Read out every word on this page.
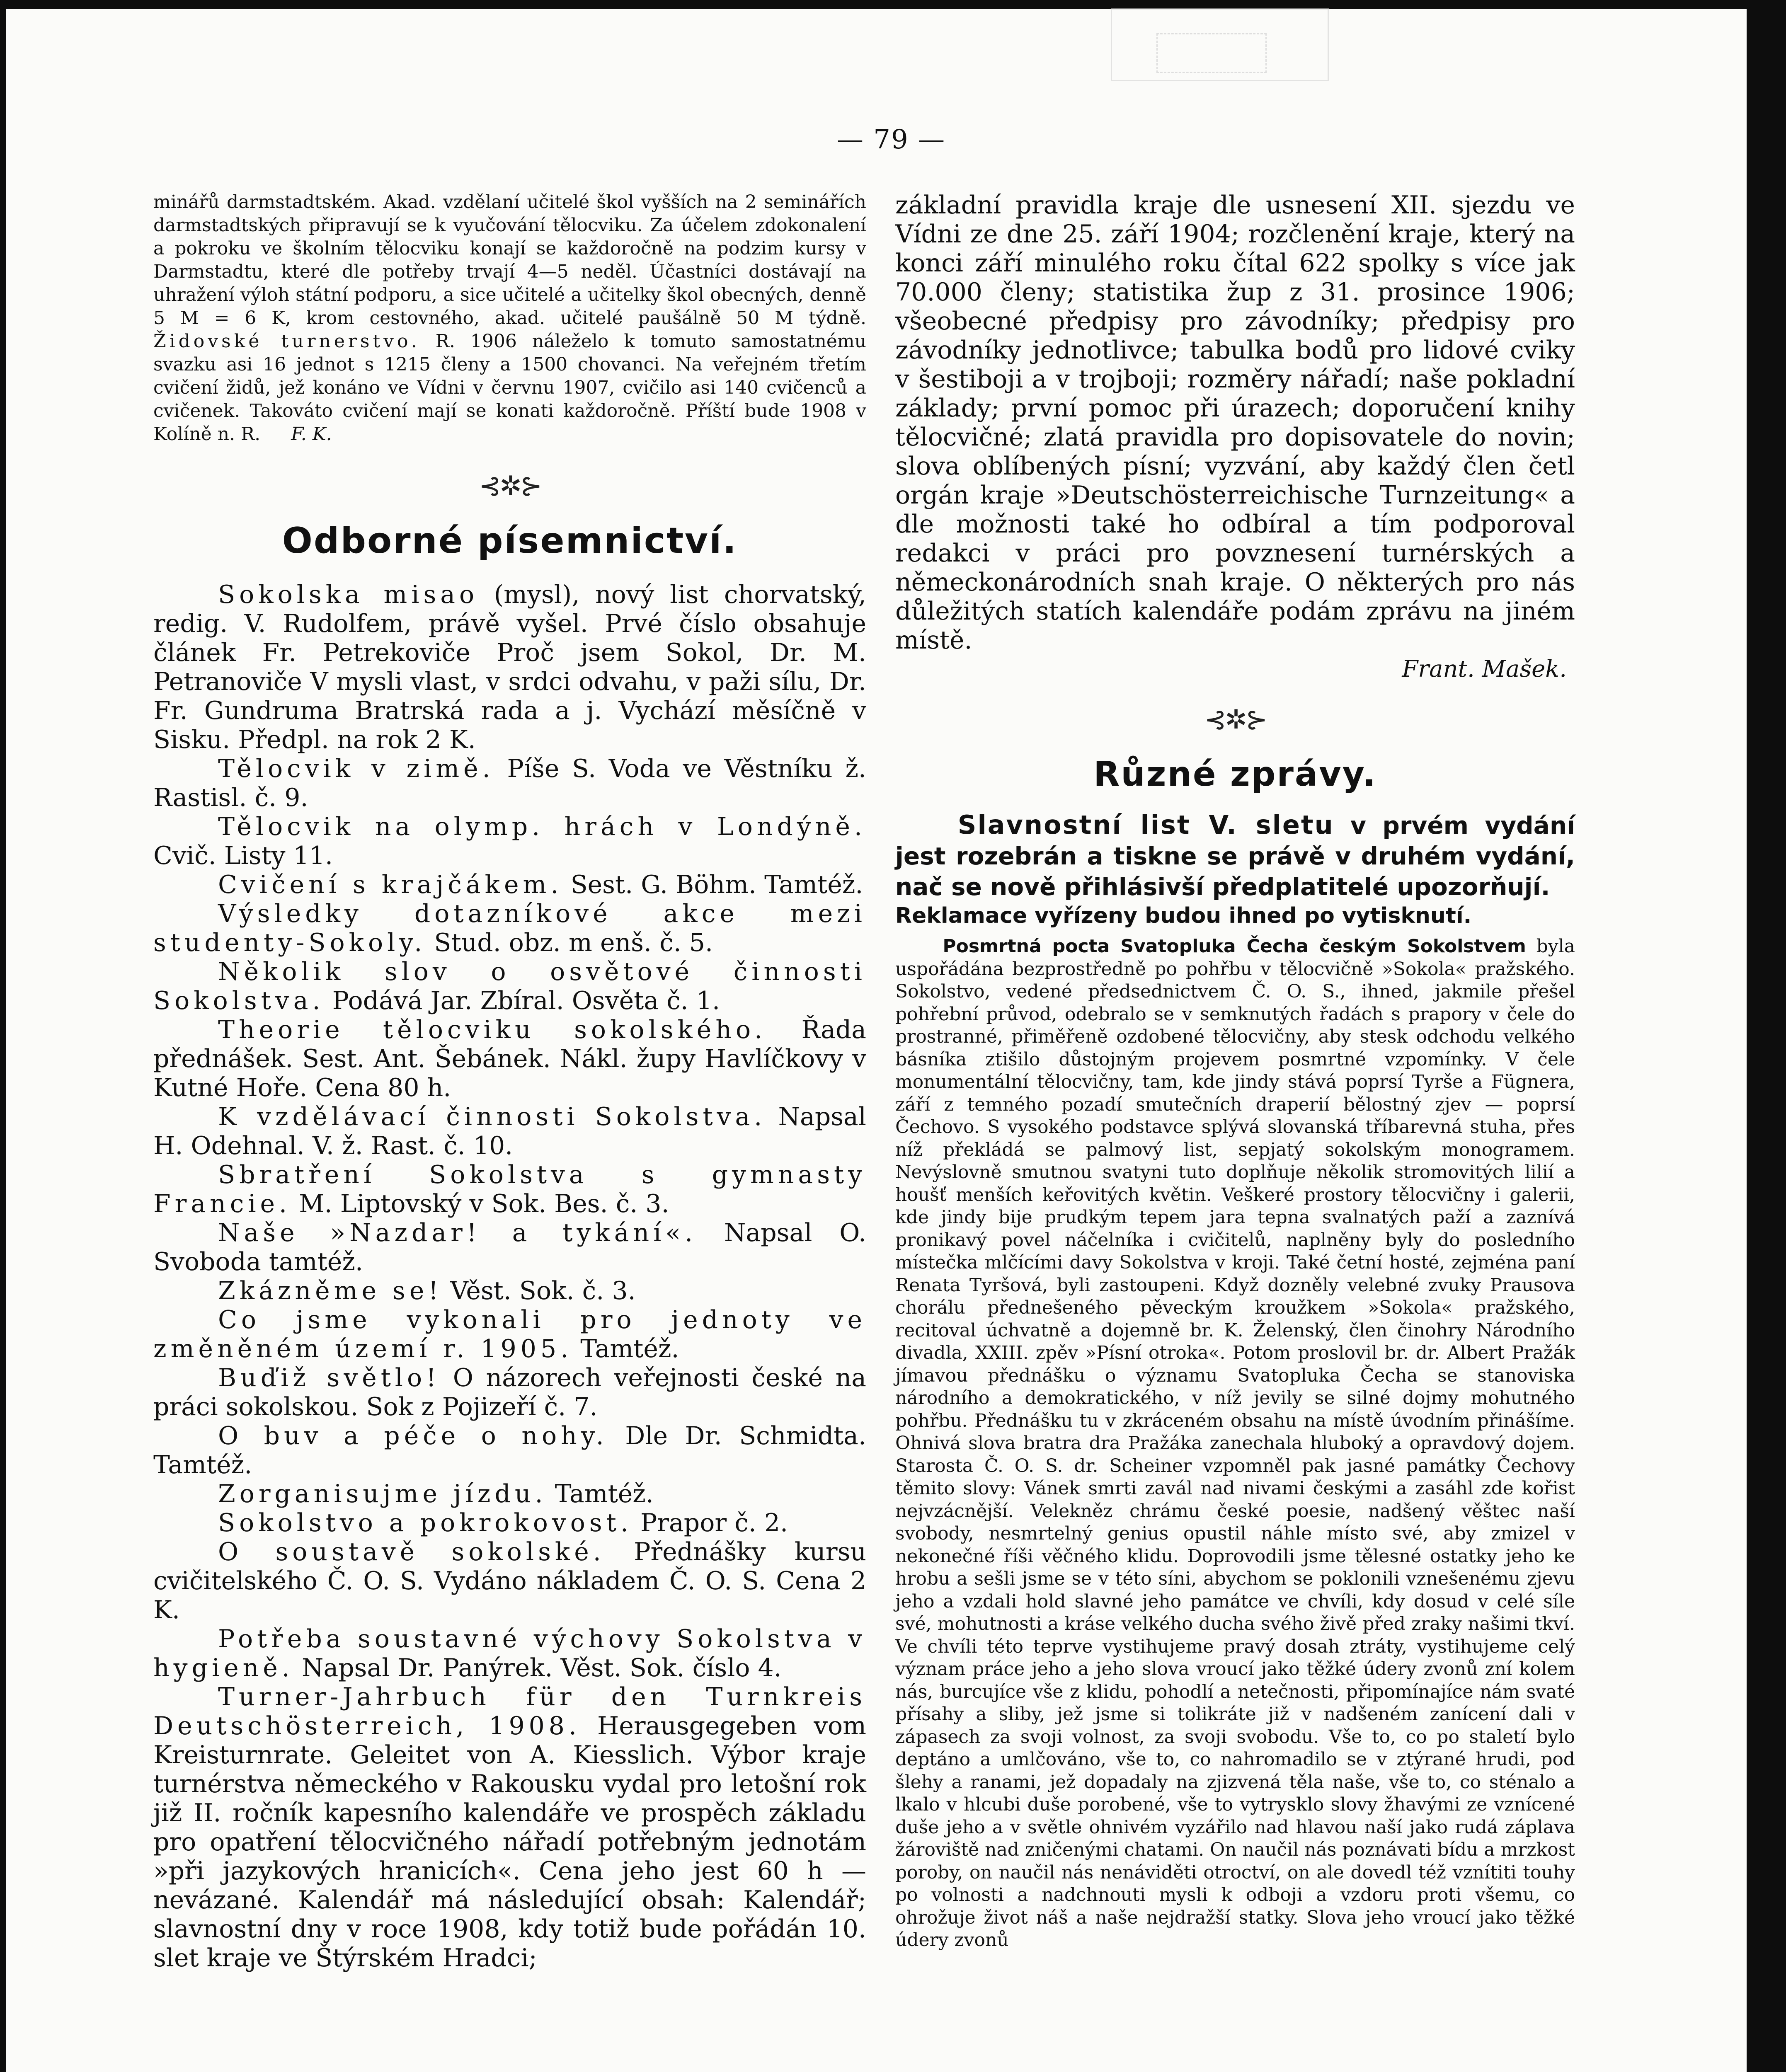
— 79 —

minářů darmstadtském. Akad. vzdělaní učitelé škol vyšších na 2 seminářích darmstadtských připravují se k vyučování tělocviku. Za účelem zdokonalení a pokroku ve školním tělocviku konají se každoročně na podzim kursy v Darmstadtu, které dle potřeby trvají 4—5 neděl. Účastníci dostávají na uhražení výloh státní podporu, a sice učitelé a učitelky škol obecných, denně 5 M = 6 K, krom cestovného, akad. učitelé paušálně 50 M týdně. Židovské turnerstvo. R. 1906 náleželo k tomuto samostatnému svazku asi 16 jednot s 1215 členy a 1500 chovanci. Na veřejném třetím cvičení židů, jež konáno ve Vídni v červnu 1907, cvičilo asi 140 cvičenců a cvičenek. Takováto cvičení mají se konati každoročně. Příští bude 1908 v Kolíně n. R. F. K.

⊰✲⊱
Odborné písemnictví.

Sokolska misao (mysl), nový list chorvatský, redig. V. Rudolfem, právě vyšel. Prvé číslo obsahuje článek Fr. Petrekoviče Proč jsem Sokol, Dr. M. Petranoviče V mysli vlast, v srdci odvahu, v paži sílu, Dr. Fr. Gundruma Bratrská rada a j. Vychází měsíčně v Sisku. Předpl. na rok 2 K.

Tělocvik v zimě. Píše S. Voda ve Věstníku ž. Rastisl. č. 9.

Tělocvik na olymp. hrách v Londýně. Cvič. Listy 11.

Cvičení s krajčákem. Sest. G. Böhm. Tamtéž.

Výsledky dotazníkové akce mezi studenty-Sokoly. Stud. obz. m enš. č. 5.

Několik slov o osvětové činnosti Sokolstva. Podává Jar. Zbíral. Osvěta č. 1.

Theorie tělocviku sokolského. Řada přednášek. Sest. Ant. Šebánek. Nákl. župy Havlíčkovy v Kutné Hoře. Cena 80 h.

K vzdělávací činnosti Sokolstva. Napsal H. Odehnal. V. ž. Rast. č. 10.

Sbratření Sokolstva s gymnasty Francie. M. Liptovský v Sok. Bes. č. 3.

Naše »Nazdar! a tykání«. Napsal O. Svoboda tamtéž.

Zkázněme se! Věst. Sok. č. 3.

Co jsme vykonali pro jednoty ve změněném území r. 1905. Tamtéž.

Buďiž světlo! O názorech veřejnosti české na práci sokolskou. Sok z Pojizeří č. 7.

O buv a péče o nohy. Dle Dr. Schmidta. Tamtéž.

Zorganisujme jízdu. Tamtéž.

Sokolstvo a pokrokovost. Prapor č. 2.

O soustavě sokolské. Přednášky kursu cvičitelského Č. O. S. Vydáno nákladem Č. O. S. Cena 2 K.

Potřeba soustavné výchovy Sokolstva v hygieně. Napsal Dr. Panýrek. Věst. Sok. číslo 4.

Turner-Jahrbuch für den Turnkreis Deutschösterreich, 1908. Herausgegeben vom Kreisturnrate. Geleitet von A. Kiesslich. Výbor kraje turnérstva německého v Rakousku vydal pro letošní rok již II. ročník kapesního kalendáře ve prospěch základu pro opatření tělocvičného nářadí potřebným jednotám »při jazykových hranicích«. Cena jeho jest 60 h — nevázané. Kalendář má následující obsah: Kalendář; slavnostní dny v roce 1908, kdy totiž bude pořádán 10. slet kraje ve Štýrském Hradci;

základní pravidla kraje dle usnesení XII. sjezdu ve Vídni ze dne 25. září 1904; rozčlenění kraje, který na konci září minulého roku čítal 622 spolky s více jak 70.000 členy; statistika žup z 31. prosince 1906; všeobecné předpisy pro závodníky; předpisy pro závodníky jednotlivce; tabulka bodů pro lidové cviky v šestiboji a v trojboji; rozměry nářadí; naše pokladní základy; první pomoc při úrazech; doporučení knihy tělocvičné; zlatá pravidla pro dopisovatele do novin; slova oblíbených písní; vyzvání, aby každý člen četl orgán kraje »Deutschösterreichische Turnzeitung« a dle možnosti také ho odbíral a tím podporoval redakci v práci pro povznesení turnérských a německonárodních snah kraje. O některých pro nás důležitých statích kalendáře podám zprávu na jiném místě.

Frant. Mašek.

⊰✲⊱
Různé zprávy.

Slavnostní list V. sletu v prvém vydání jest rozebrán a tiskne se právě v druhém vydání, nač se nově přihlásivší předplatitelé upozorňují.

Reklamace vyřízeny budou ihned po vytisknutí.

Posmrtná pocta Svatopluka Čecha českým Sokolstvem byla uspořádána bezprostředně po pohřbu v tělocvičně »Sokola« pražského. Sokolstvo, vedené předsednictvem Č. O. S., ihned, jakmile přešel pohřební průvod, odebralo se v semknutých řadách s prapory v čele do prostranné, přiměřeně ozdobené tělocvičny, aby stesk odchodu velkého básníka ztišilo důstojným projevem posmrtné vzpomínky. V čele monumentální tělocvičny, tam, kde jindy stává poprsí Tyrše a Fügnera, září z temného pozadí smutečních draperií bělostný zjev — poprsí Čechovo. S vysokého podstavce splývá slovanská tříbarevná stuha, přes níž překládá se palmový list, sepjatý sokolským monogramem. Nevýslovně smutnou svatyni tuto doplňuje několik stromovitých lilií a houšť menších keřovitých květin. Veškeré prostory tělocvičny i galerii, kde jindy bije prudkým tepem jara tepna svalnatých paží a zaznívá pronikavý povel náčelníka i cvičitelů, naplněny byly do posledního místečka mlčícími davy Sokolstva v kroji. Také četní hosté, zejména paní Renata Tyršová, byli zastoupeni. Když dozněly velebné zvuky Prausova chorálu přednešeného pěveckým kroužkem »Sokola« pražského, recitoval úchvatně a dojemně br. K. Želenský, člen činohry Národního divadla, XXIII. zpěv »Písní otroka«. Potom proslovil br. dr. Albert Pražák jímavou přednášku o významu Svatopluka Čecha se stanoviska národního a demokratického, v níž jevily se silné dojmy mohutného pohřbu. Přednášku tu v zkráceném obsahu na místě úvodním přinášíme. Ohnivá slova bratra dra Pražáka zanechala hluboký a opravdový dojem. Starosta Č. O. S. dr. Scheiner vzpomněl pak jasné památky Čechovy těmito slovy: Vánek smrti zavál nad nivami českými a zasáhl zde kořist nejvzácnější. Velekněz chrámu české poesie, nadšený věštec naší svobody, nesmrtelný genius opustil náhle místo své, aby zmizel v nekonečné říši věčného klidu. Doprovodili jsme tělesné ostatky jeho ke hrobu a sešli jsme se v této síni, abychom se poklonili vznešenému zjevu jeho a vzdali hold slavné jeho památce ve chvíli, kdy dosud v celé síle své, mohutnosti a kráse velkého ducha svého živě před zraky našimi tkví. Ve chvíli této teprve vystihujeme pravý dosah ztráty, vystihujeme celý význam práce jeho a jeho slova vroucí jako těžké údery zvonů zní kolem nás, burcujíce vše z klidu, pohodlí a netečnosti, připomínajíce nám svaté přísahy a sliby, jež jsme si tolikráte již v nadšeném zanícení dali v zápasech za svoji volnost, za svoji svobodu. Vše to, co po staletí bylo deptáno a umlčováno, vše to, co nahromadilo se v ztýrané hrudi, pod šlehy a ranami, jež dopadaly na zjizvená těla naše, vše to, co sténalo a lkalo v hlcubi duše porobené, vše to vytrysklo slovy žhavými ze vznícené duše jeho a v světle ohnivém vyzářilo nad hlavou naší jako rudá záplava žároviště nad zničenými chatami. On naučil nás poznávati bídu a mrzkost poroby, on naučil nás nenáviděti otroctví, on ale dovedl též vznítiti touhy po volnosti a nadchnouti mysli k odboji a vzdoru proti všemu, co ohrožuje život náš a naše nejdražší statky. Slova jeho vroucí jako těžké údery zvonů
